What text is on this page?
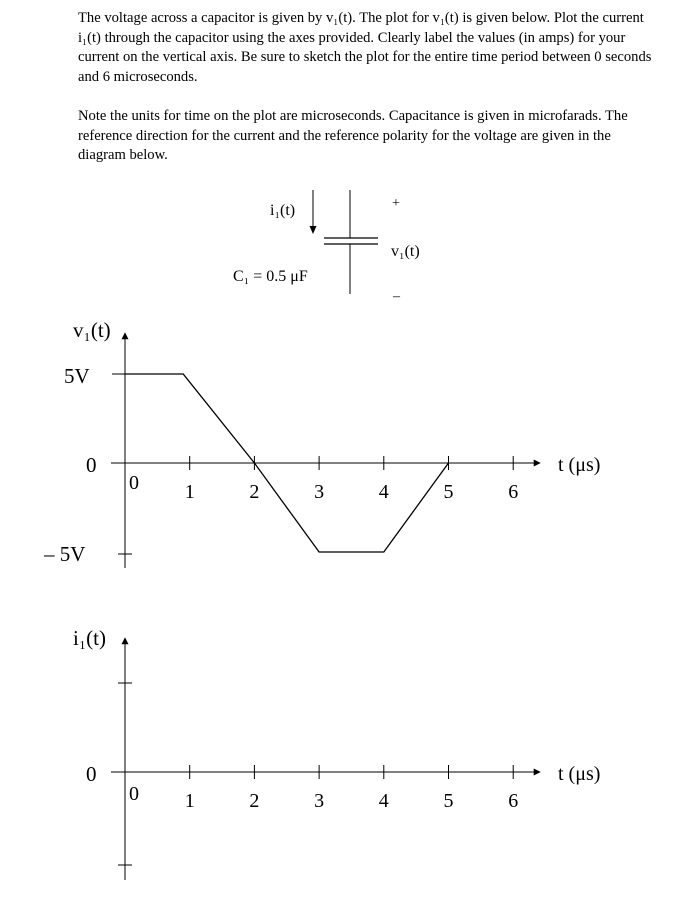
The voltage across a capacitor is given by v₁(t). The plot for v₁(t) is given below. Plot the current i₁(t) through the capacitor using the axes provided. Clearly label the values (in amps) for your current on the vertical axis. Be sure to sketch the plot for the entire time period between 0 seconds and 6 microseconds.

Note the units for time on the plot are microseconds. Capacitance is given in microfarads. The reference direction for the current and the reference polarity for the voltage are given in the diagram below.

i₁(t)
C₁ = 0.5 μF
+
v₁(t)
–
v₁(t)
5V
0
– 5V
t (μs)
0 1	2	3	4	5	6
i₁(t)
0	t (μs)
0 1	2	3	4	5	6
